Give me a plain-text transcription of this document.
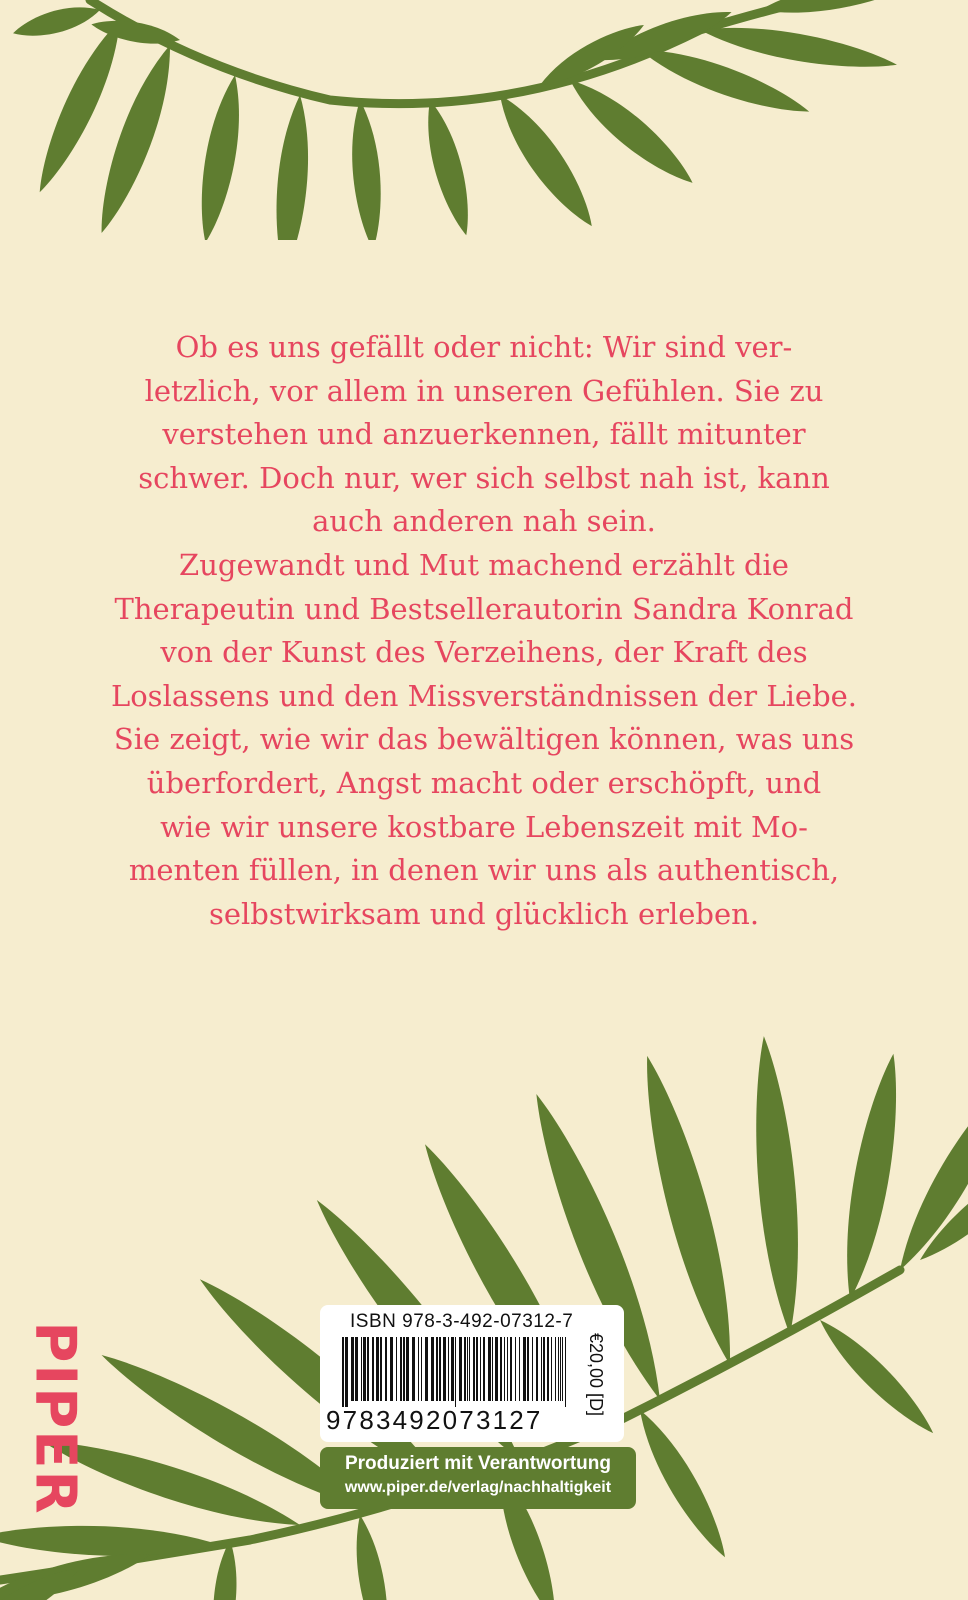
Ob es uns gefällt oder nicht: Wir sind ver-
letzlich, vor allem in unseren Gefühlen. Sie zu
verstehen und anzuerkennen, fällt mitunter
schwer. Doch nur, wer sich selbst nah ist, kann
auch anderen nah sein.
Zugewandt und Mut machend erzählt die
Therapeutin und Bestsellerautorin Sandra Konrad
von der Kunst des Verzeihens, der Kraft des
Loslassens und den Missverständnissen der Liebe.
Sie zeigt, wie wir das bewältigen können, was uns
überfordert, Angst macht oder erschöpft, und
wie wir unsere kostbare Lebenszeit mit Mo-
menten füllen, in denen wir uns als authentisch,
selbstwirksam und glücklich erleben.
PIPER	ISBN 978-3-492-07312-7
9783492073127
€20,00 [D]
Produziert mit Verantwortung
www.piper.de/verlag/nachhaltigkeit
